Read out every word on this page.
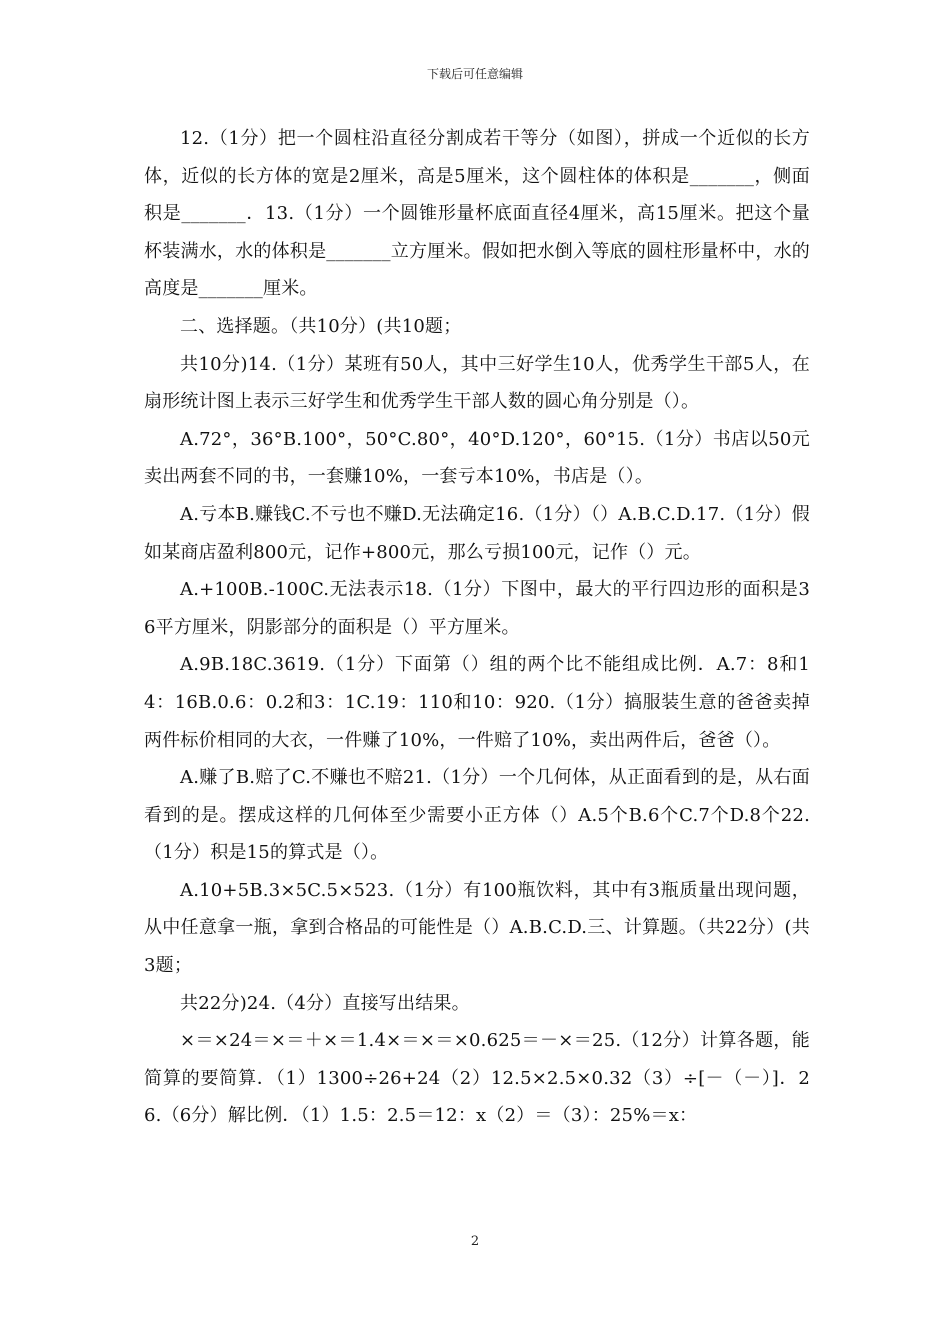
下载后可任意编辑

12.（1分）把一个圆柱沿直径分割成若干等分（如图），拼成一个近似的长方体，近似的长方体的宽是2厘米，高是5厘米，这个圆柱体的体积是_______，侧面积是_______．13.（1分）一个圆锥形量杯底面直径4厘米，高15厘米。把这个量杯装满水，水的体积是_______立方厘米。假如把水倒入等底的圆柱形量杯中，水的高度是_______厘米。

二、选择题。（共10分）(共10题；

共10分)14.（1分）某班有50人，其中三好学生10人，优秀学生干部5人，在扇形统计图上表示三好学生和优秀学生干部人数的圆心角分别是（）。

A.72°，36°B.100°，50°C.80°，40°D.120°，60°15.（1分）书店以50元卖出两套不同的书，一套赚10%，一套亏本10%，书店是（）。

A.亏本B.赚钱C.不亏也不赚D.无法确定16.（1分）（）A.B.C.D.17.（1分）假如某商店盈利800元，记作+800元，那么亏损100元，记作（）元。

A.+100B.-100C.无法表示18.（1分）下图中，最大的平行四边形的面积是36平方厘米，阴影部分的面积是（）平方厘米。

A.9B.18C.3619.（1分）下面第（）组的两个比不能组成比例．A.7：8和14：16B.0.6：0.2和3：1C.19：110和10：920.（1分）搞服装生意的爸爸卖掉两件标价相同的大衣，一件赚了10%，一件赔了10%，卖出两件后，爸爸（）。

A.赚了B.赔了C.不赚也不赔21.（1分）一个几何体，从正面看到的是，从右面看到的是。摆成这样的几何体至少需要小正方体（）A.5个B.6个C.7个D.8个22.（1分）积是15的算式是（）。

A.10+5B.3×5C.5×523.（1分）有100瓶饮料，其中有3瓶质量出现问题，从中任意拿一瓶，拿到合格品的可能性是（）A.B.C.D.三、计算题。（共22分）(共3题；

共22分)24.（4分）直接写出结果。

×＝×24＝×＝＋×＝1.4×＝×＝×0.625＝－×＝25.（12分）计算各题，能简算的要简算．（1）1300÷26+24（2）12.5×2.5×0.32（3）÷[－（－）]．26.（6分）解比例．（1）1.5：2.5＝12：x（2）＝（3）：25%＝x：

2
